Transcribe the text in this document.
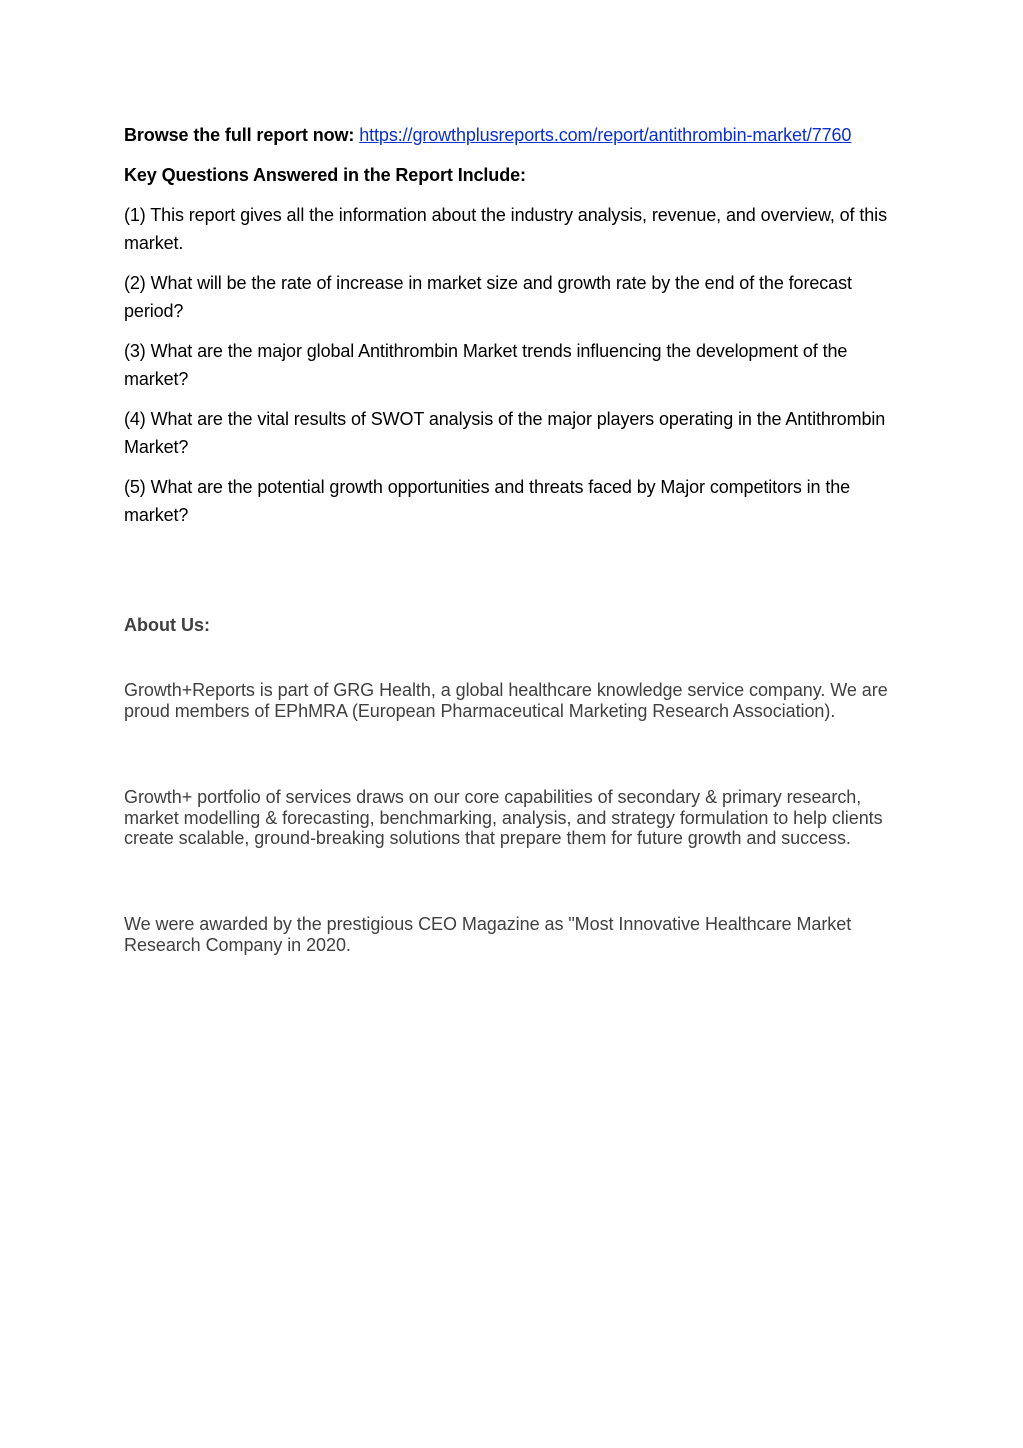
Browse the full report now: https://growthplusreports.com/report/antithrombin-market/7760

Key Questions Answered in the Report Include:

(1) This report gives all the information about the industry analysis, revenue, and overview, of this market.

(2) What will be the rate of increase in market size and growth rate by the end of the forecast period?

(3) What are the major global Antithrombin Market trends influencing the development of the market?

(4) What are the vital results of SWOT analysis of the major players operating in the Antithrombin Market?

(5) What are the potential growth opportunities and threats faced by Major competitors in the market?

About Us:
Growth+Reports is part of GRG Health, a global healthcare knowledge service company. We are proud members of EPhMRA (European Pharmaceutical Marketing Research Association).
Growth+ portfolio of services draws on our core capabilities of secondary & primary research, market modelling & forecasting, benchmarking, analysis, and strategy formulation to help clients create scalable, ground-breaking solutions that prepare them for future growth and success.
We were awarded by the prestigious CEO Magazine as "Most Innovative Healthcare Market Research Company in 2020.
